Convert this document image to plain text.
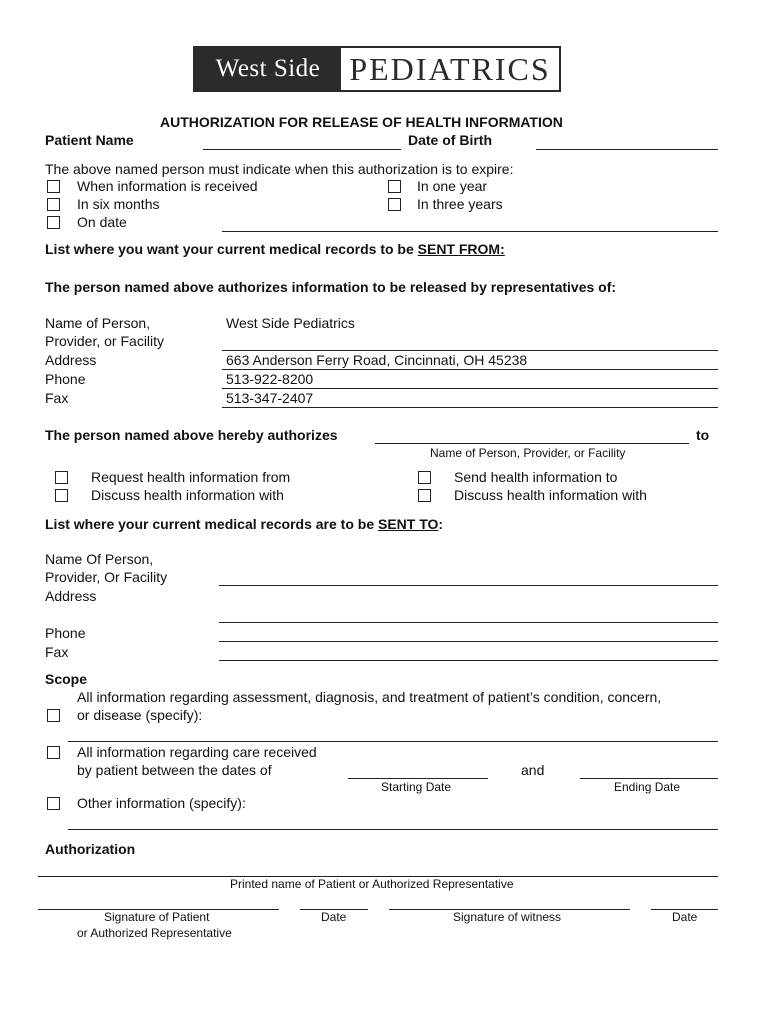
West Side PEDIATRICS
AUTHORIZATION FOR RELEASE OF HEALTH INFORMATION
Patient Name	Date of Birth
The above named person must indicate when this authorization is to expire:
When information is received
In six months
On date
In one year
In three years
List where you want your current medical records to be SENT FROM:
The person named above authorizes information to be released by representatives of:
Name of Person,
Provider, or Facility
West Side Pediatrics
Address	663 Anderson Ferry Road, Cincinnati, OH 45238
Phone	513-922-8200
Fax	513-347-2407
The person named above hereby authorizes	to
Name of Person, Provider, or Facility
Request health information from
Discuss health information with
Send health information to
Discuss health information with
List where your current medical records are to be SENT TO:
Name Of Person,
Provider, Or Facility
Address
Phone
Fax
Scope
All information regarding assessment, diagnosis, and treatment of patient’s condition, concern,
or disease (specify):
All information regarding care received
by patient between the dates of	and
Starting Date	Ending Date
Other information (specify):
Authorization
Printed name of Patient or Authorized Representative
Signature of Patient
or Authorized Representative
Date	Signature of witness	Date
